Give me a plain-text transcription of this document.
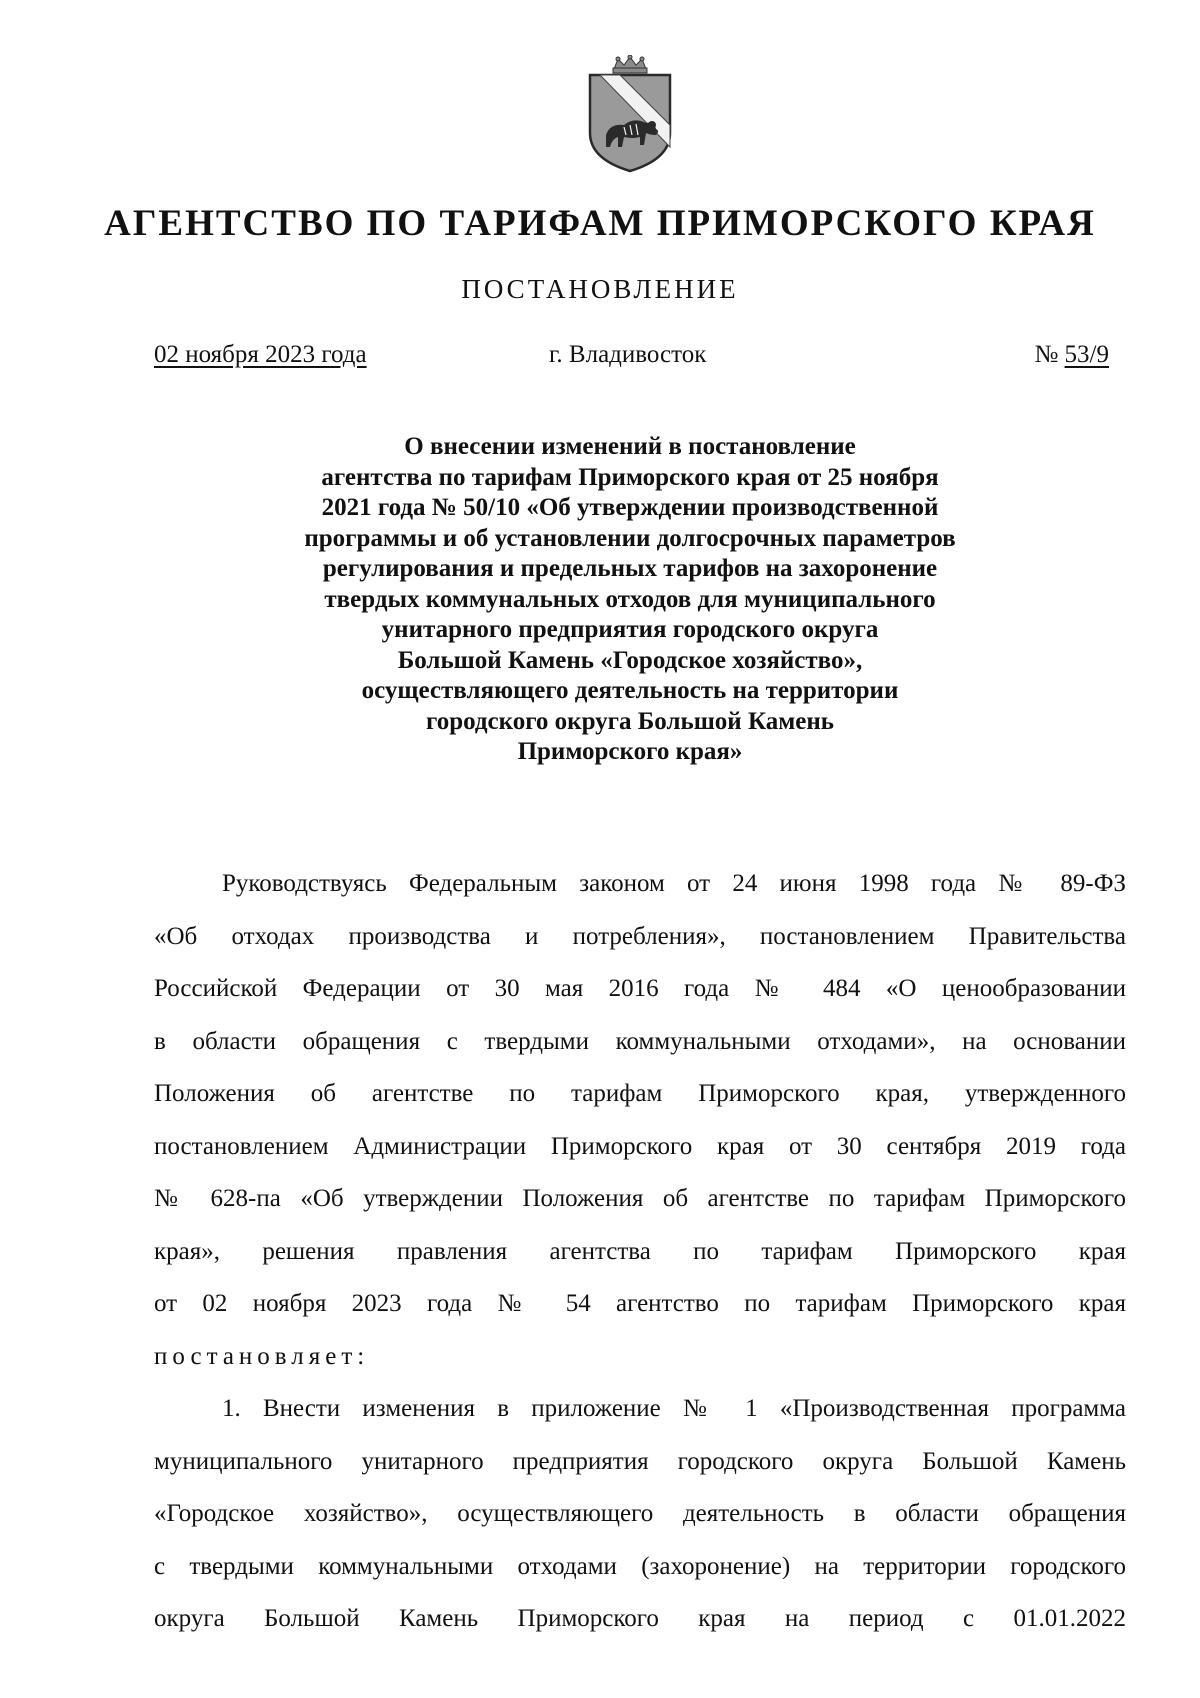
АГЕНТСТВО ПО ТАРИФАМ ПРИМОРСКОГО КРАЯ
ПОСТАНОВЛЕНИЕ
02 ноября 2023 года	г. Владивосток	№ 53/9
О внесении изменений в постановление
агентства по тарифам Приморского края от 25 ноября
2021 года № 50/10 «Об утверждении производственной
программы и об установлении долгосрочных параметров
регулирования и предельных тарифов на захоронение
твердых коммунальных отходов для муниципального
унитарного предприятия городского округа
Большой Камень «Городское хозяйство»,
осуществляющего деятельность на территории
городского округа Большой Камень
Приморского края»
Руководствуясь Федеральным законом от 24 июня 1998 года № 89-ФЗ
«Об отходах производства и потребления», постановлением Правительства
Российской Федерации от 30 мая 2016 года № 484 «О ценообразовании
в области обращения с твердыми коммунальными отходами», на основании
Положения об агентстве по тарифам Приморского края, утвержденного
постановлением Администрации Приморского края от 30 сентября 2019 года
№ 628-па «Об утверждении Положения об агентстве по тарифам Приморского
края», решения правления агентства по тарифам Приморского края
от 02 ноября 2023 года № 54 агентство по тарифам Приморского края
постановляет:
1. Внести изменения в приложение № 1 «Производственная программа
муниципального унитарного предприятия городского округа Большой Камень
«Городское хозяйство», осуществляющего деятельность в области обращения
с твердыми коммунальными отходами (захоронение) на территории городского
округа Большой Камень Приморского края на период с 01.01.2022
